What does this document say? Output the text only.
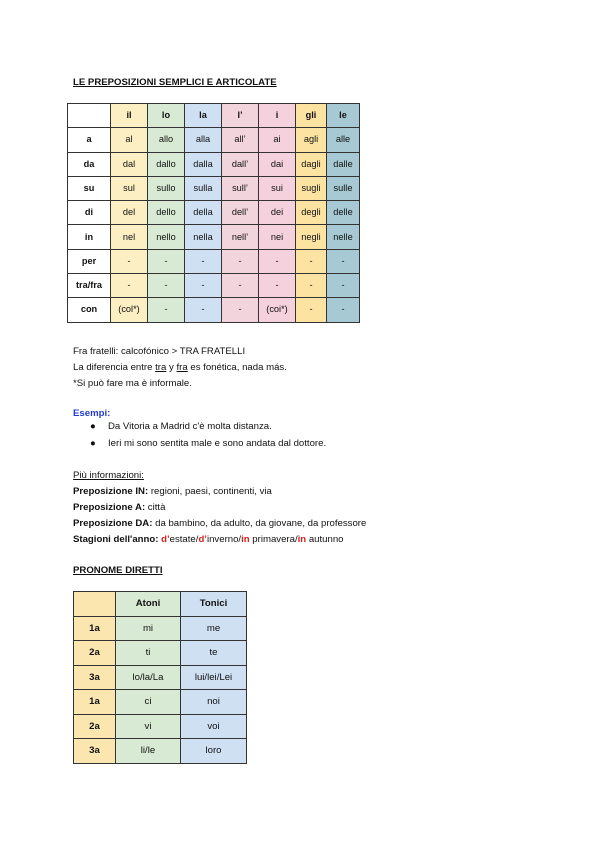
LE PREPOSIZIONI SEMPLICI E ARTICOLATE
	il	lo	la	l’	i	gli	le
a	al	allo	alla	all’	ai	agli	alle
da	dal	dallo	dalla	dall’	dai	dagli	dalle
su	sul	sullo	sulla	sull’	sui	sugli	sulle
di	del	dello	della	dell’	dei	degli	delle
in	nel	nello	nella	nell’	nei	negli	nelle
per	-	-	-	-	-	-	-
tra/fra	-	-	-	-	-	-	-
con	(col*)	-	-	-	(coi*)	-	-
Fra fratelli: calcofónico > TRA FRATELLI
La diferencia entre tra y fra es fonética, nada más.
*Si può fare ma è informale.
Esempi:
● Da Vitoria a Madrid c'è molta distanza.
● Ieri mi sono sentita male e sono andata dal dottore.
Più informazioni:
Preposizione IN: regioni, paesi, continenti, via
Preposizione A: città
Preposizione DA: da bambino, da adulto, da giovane, da professore
Stagioni dell'anno: d’estate/d’inverno/in primavera/in autunno
PRONOME DIRETTI
	Atoni	Tonici
1a	mi	me
2a	ti	te
3a	lo/la/La	lui/lei/Lei
1a	ci	noi
2a	vi	voi
3a	li/le	loro
